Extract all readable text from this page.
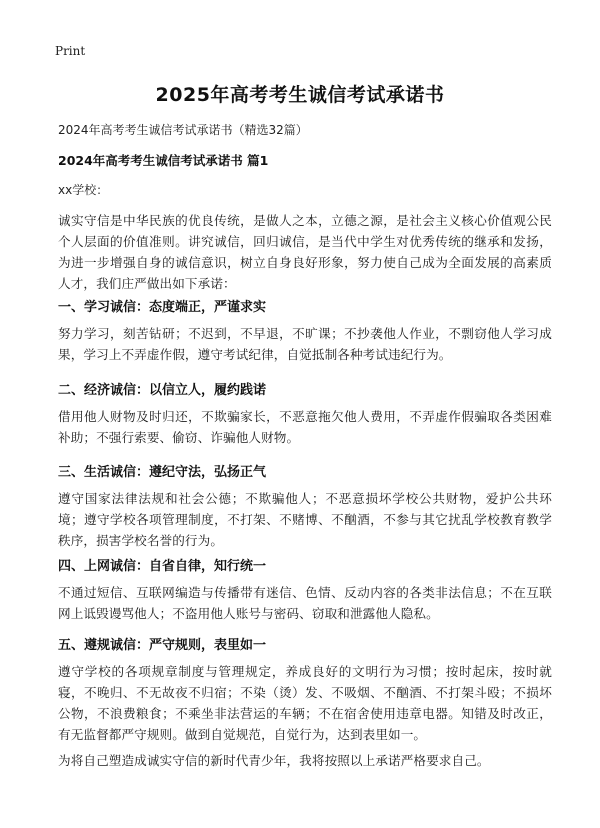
Print
2025年高考考生诚信考试承诺书
2024年高考考生诚信考试承诺书（精选32篇）
2024年高考考生诚信考试承诺书 篇1
xx学校：
诚实守信是中华民族的优良传统，是做人之本，立德之源，是社会主义核心价值观公民个人层面的价值准则。讲究诚信，回归诚信，是当代中学生对优秀传统的继承和发扬，为进一步增强自身的诚信意识，树立自身良好形象，努力使自己成为全面发展的高素质人才，我们庄严做出如下承诺：
一、学习诚信：态度端正，严谨求实
努力学习，刻苦钻研；不迟到，不早退，不旷课；不抄袭他人作业，不剽窃他人学习成果，学习上不弄虚作假，遵守考试纪律，自觉抵制各种考试违纪行为。
二、经济诚信：以信立人，履约践诺
借用他人财物及时归还，不欺骗家长，不恶意拖欠他人费用，不弄虚作假骗取各类困难补助；不强行索要、偷窃、诈骗他人财物。
三、生活诚信：遵纪守法，弘扬正气
遵守国家法律法规和社会公德；不欺骗他人；不恶意损坏学校公共财物，爱护公共环境；遵守学校各项管理制度，不打架、不赌博、不酗酒，不参与其它扰乱学校教育教学秩序，损害学校名誉的行为。
四、上网诚信：自省自律，知行统一
不通过短信、互联网编造与传播带有迷信、色情、反动内容的各类非法信息；不在互联网上诋毁谩骂他人；不盗用他人账号与密码、窃取和泄露他人隐私。
五、遵规诚信：严守规则，表里如一
遵守学校的各项规章制度与管理规定，养成良好的文明行为习惯；按时起床，按时就寝，不晚归、不无故夜不归宿；不染（烫）发、不吸烟、不酗酒、不打架斗殴；不损坏公物，不浪费粮食；不乘坐非法营运的车辆；不在宿舍使用违章电器。知错及时改正，有无监督都严守规则。做到自觉规范，自觉行为，达到表里如一。
为将自己塑造成诚实守信的新时代青少年，我将按照以上承诺严格要求自己。
